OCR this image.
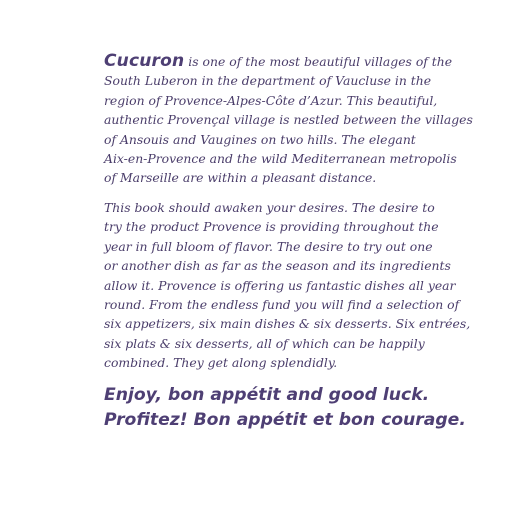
Cucuron is one of the most beautiful villages of the
South Luberon in the department of Vaucluse in the
region of Provence-Alpes-Côte d’Azur. This beautiful,
authentic Provençal village is nestled between the villages
of Ansouis and Vaugines on two hills. The elegant
Aix-en-Provence and the wild Mediterranean metropolis
of Marseille are within a pleasant distance.
This book should awaken your desires. The desire to
try the product Provence is providing throughout the
year in full bloom of flavor. The desire to try out one
or another dish as far as the season and its ingredients
allow it. Provence is offering us fantastic dishes all year
round. From the endless fund you will find a selection of
six appetizers, six main dishes & six desserts. Six entrées,
six plats & six desserts, all of which can be happily
combined. They get along splendidly.
Enjoy, bon appétit and good luck.
Profitez! Bon appétit et bon courage.
